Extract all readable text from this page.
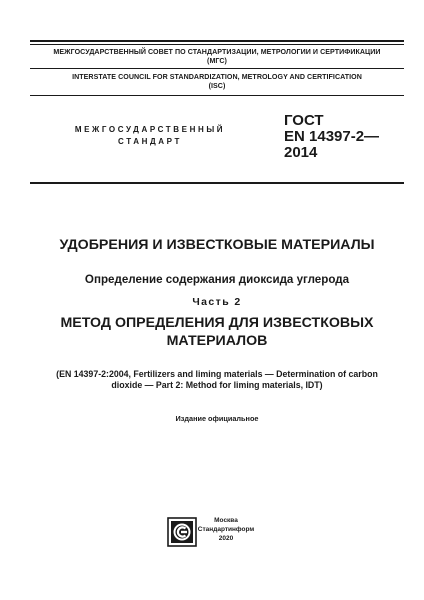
МЕЖГОСУДАРСТВЕННЫЙ СОВЕТ ПО СТАНДАРТИЗАЦИИ, МЕТРОЛОГИИ И СЕРТИФИКАЦИИ
(МГС)
INTERSTATE COUNCIL FOR STANDARDIZATION, METROLOGY AND CERTIFICATION
(ISC)
МЕЖГОСУДАРСТВЕННЫЙ
СТАНДАРТ
ГОСТ
EN 14397-2—
2014
УДОБРЕНИЯ И ИЗВЕСТКОВЫЕ МАТЕРИАЛЫ
Определение содержания диоксида углерода
Часть 2
МЕТОД ОПРЕДЕЛЕНИЯ ДЛЯ ИЗВЕСТКОВЫХ
МАТЕРИАЛОВ
(EN 14397-2:2004, Fertilizers and liming materials — Determination of carbon
dioxide — Part 2: Method for liming materials, IDT)
Издание официальное
Москва
Стандартинформ
2020
